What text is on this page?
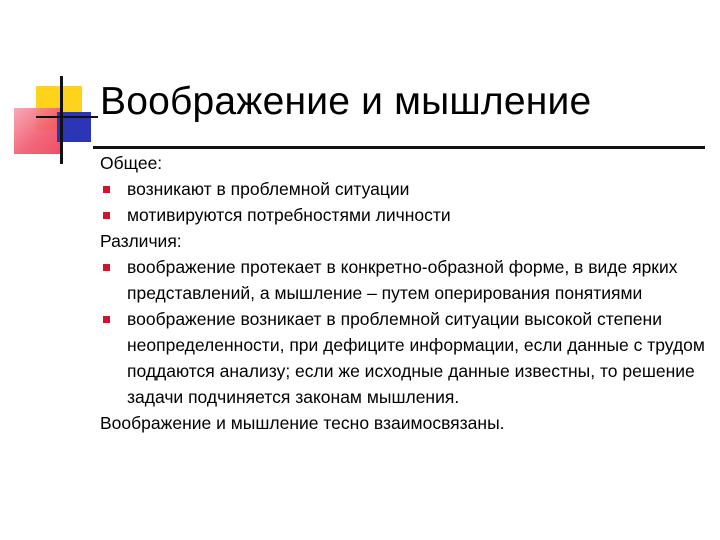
Воображение и мышление

Общее:

возникают в проблемной ситуации
мотивируются потребностями личности

Различия:

воображение протекает в конкретно-образной форме, в виде ярких представлений, а мышление – путем оперирования понятиями
воображение возникает в проблемной ситуации высокой степени неопределенности, при дефиците информации, если данные с трудом поддаются анализу; если же исходные данные известны, то решение задачи подчиняется законам мышления.

Воображение и мышление тесно взаимосвязаны.
